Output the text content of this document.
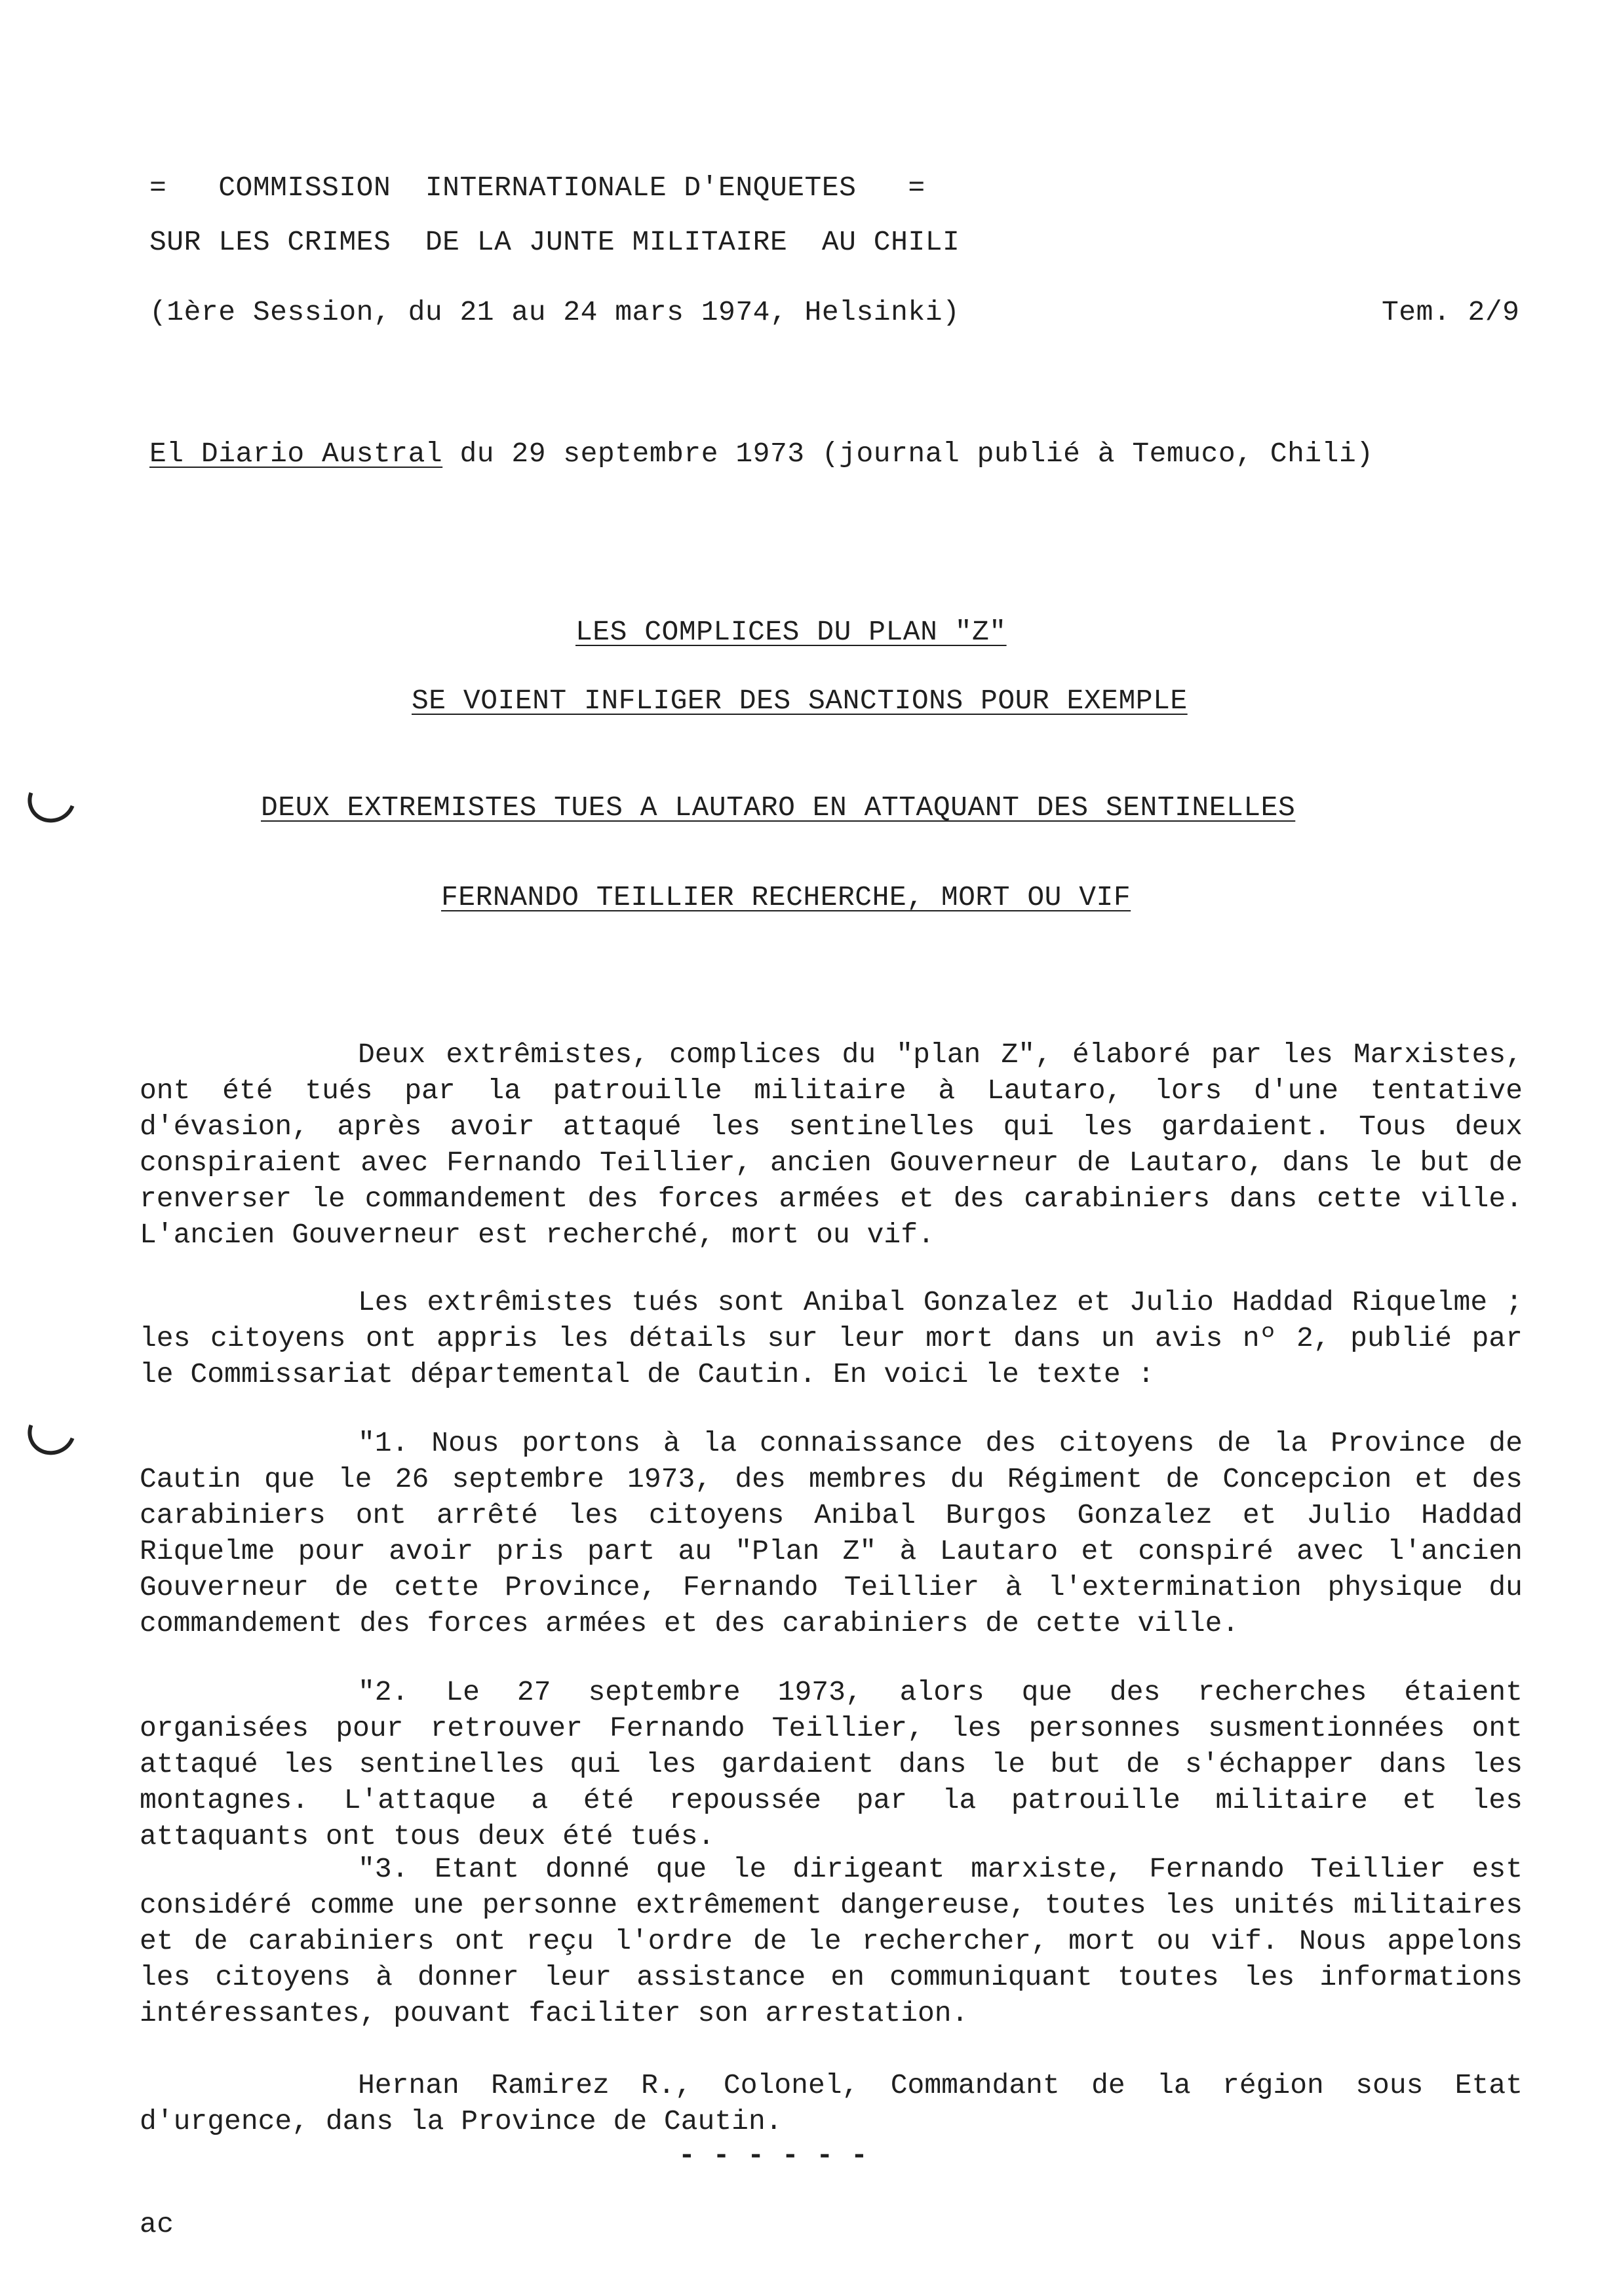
=   COMMISSION  INTERNATIONALE D'ENQUETES   =
SUR LES CRIMES  DE LA JUNTE MILITAIRE  AU CHILI
(1ère Session, du 21 au 24 mars 1974, Helsinki)	Tem. 2/9
El Diario Austral du 29 septembre 1973 (journal publié à Temuco, Chili)
LES COMPLICES DU PLAN "Z"
SE VOIENT INFLIGER DES SANCTIONS POUR EXEMPLE
DEUX EXTREMISTES TUES A LAUTARO EN ATTAQUANT DES SENTINELLES
FERNANDO TEILLIER RECHERCHE, MORT OU VIF

Deux extrêmistes, complices du "plan Z", élaboré par les Marxistes, ont été tués par la patrouille militaire à Lautaro, lors d'une tentative d'évasion, après avoir attaqué les sentinelles qui les gardaient. Tous deux conspiraient avec Fernando Teillier, ancien Gouverneur de Lautaro, dans le but de renverser le commandement des forces armées et des carabiniers dans cette ville. L'ancien Gouverneur est recherché, mort ou vif.

Les extrêmistes tués sont Anibal Gonzalez et Julio Haddad Riquelme ; les citoyens ont appris les détails sur leur mort dans un avis nº 2, publié par le Commissariat départemental de Cautin. En voici le texte :

"1. Nous portons à la connaissance des citoyens de la Province de Cautin que le 26 septembre 1973, des membres du Régiment de Concepcion et des carabiniers ont arrêté les citoyens Anibal Burgos Gonzalez et Julio Haddad Riquelme pour avoir pris part au "Plan Z" à Lautaro et conspiré avec l'ancien Gouverneur de cette Province, Fernando Teillier à l'extermination physique du commandement des forces armées et des carabiniers de cette ville.

"2. Le 27 septembre 1973, alors que des recherches étaient organisées pour retrouver Fernando Teillier, les personnes susmentionnées ont attaqué les sentinelles qui les gardaient dans le but de s'échapper dans les montagnes. L'attaque a été repoussée par la patrouille militaire et les attaquants ont tous deux été tués.

"3. Etant donné que le dirigeant marxiste, Fernando Teillier est considéré comme une personne extrêmement dangereuse, toutes les unités militaires et de carabiniers ont reçu l'ordre de le rechercher, mort ou vif. Nous appelons les citoyens à donner leur assistance en communiquant toutes les informations intéressantes, pouvant faciliter son arrestation.

Hernan Ramirez R., Colonel, Commandant de la région sous Etat d'urgence, dans la Province de Cautin.

- - - - - -
ac
